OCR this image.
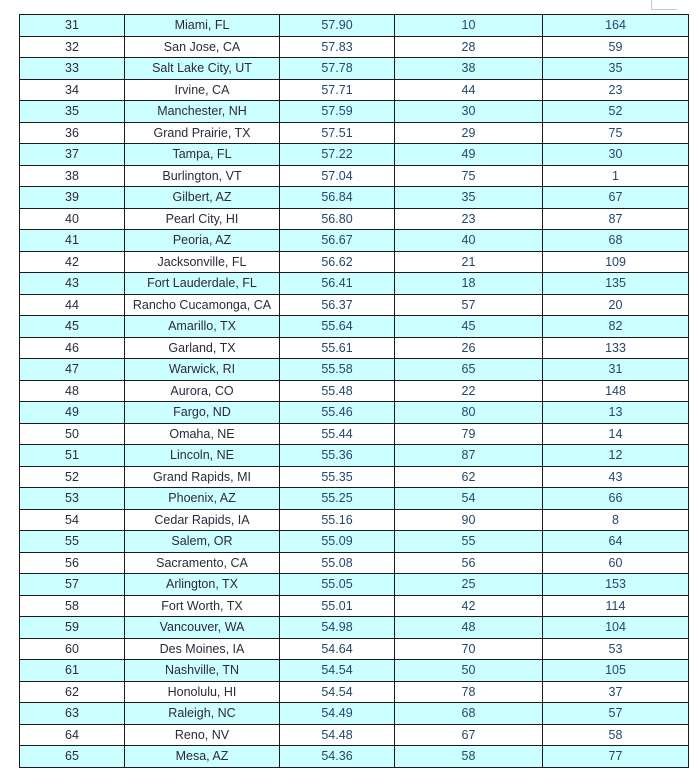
31	Miami, FL	57.90	10	164
32	San Jose, CA	57.83	28	59
33	Salt Lake City, UT	57.78	38	35
34	Irvine, CA	57.71	44	23
35	Manchester, NH	57.59	30	52
36	Grand Prairie, TX	57.51	29	75
37	Tampa, FL	57.22	49	30
38	Burlington, VT	57.04	75	1
39	Gilbert, AZ	56.84	35	67
40	Pearl City, HI	56.80	23	87
41	Peoria, AZ	56.67	40	68
42	Jacksonville, FL	56.62	21	109
43	Fort Lauderdale, FL	56.41	18	135
44	Rancho Cucamonga, CA	56.37	57	20
45	Amarillo, TX	55.64	45	82
46	Garland, TX	55.61	26	133
47	Warwick, RI	55.58	65	31
48	Aurora, CO	55.48	22	148
49	Fargo, ND	55.46	80	13
50	Omaha, NE	55.44	79	14
51	Lincoln, NE	55.36	87	12
52	Grand Rapids, MI	55.35	62	43
53	Phoenix, AZ	55.25	54	66
54	Cedar Rapids, IA	55.16	90	8
55	Salem, OR	55.09	55	64
56	Sacramento, CA	55.08	56	60
57	Arlington, TX	55.05	25	153
58	Fort Worth, TX	55.01	42	114
59	Vancouver, WA	54.98	48	104
60	Des Moines, IA	54.64	70	53
61	Nashville, TN	54.54	50	105
62	Honolulu, HI	54.54	78	37
63	Raleigh, NC	54.49	68	57
64	Reno, NV	54.48	67	58
65	Mesa, AZ	54.36	58	77
